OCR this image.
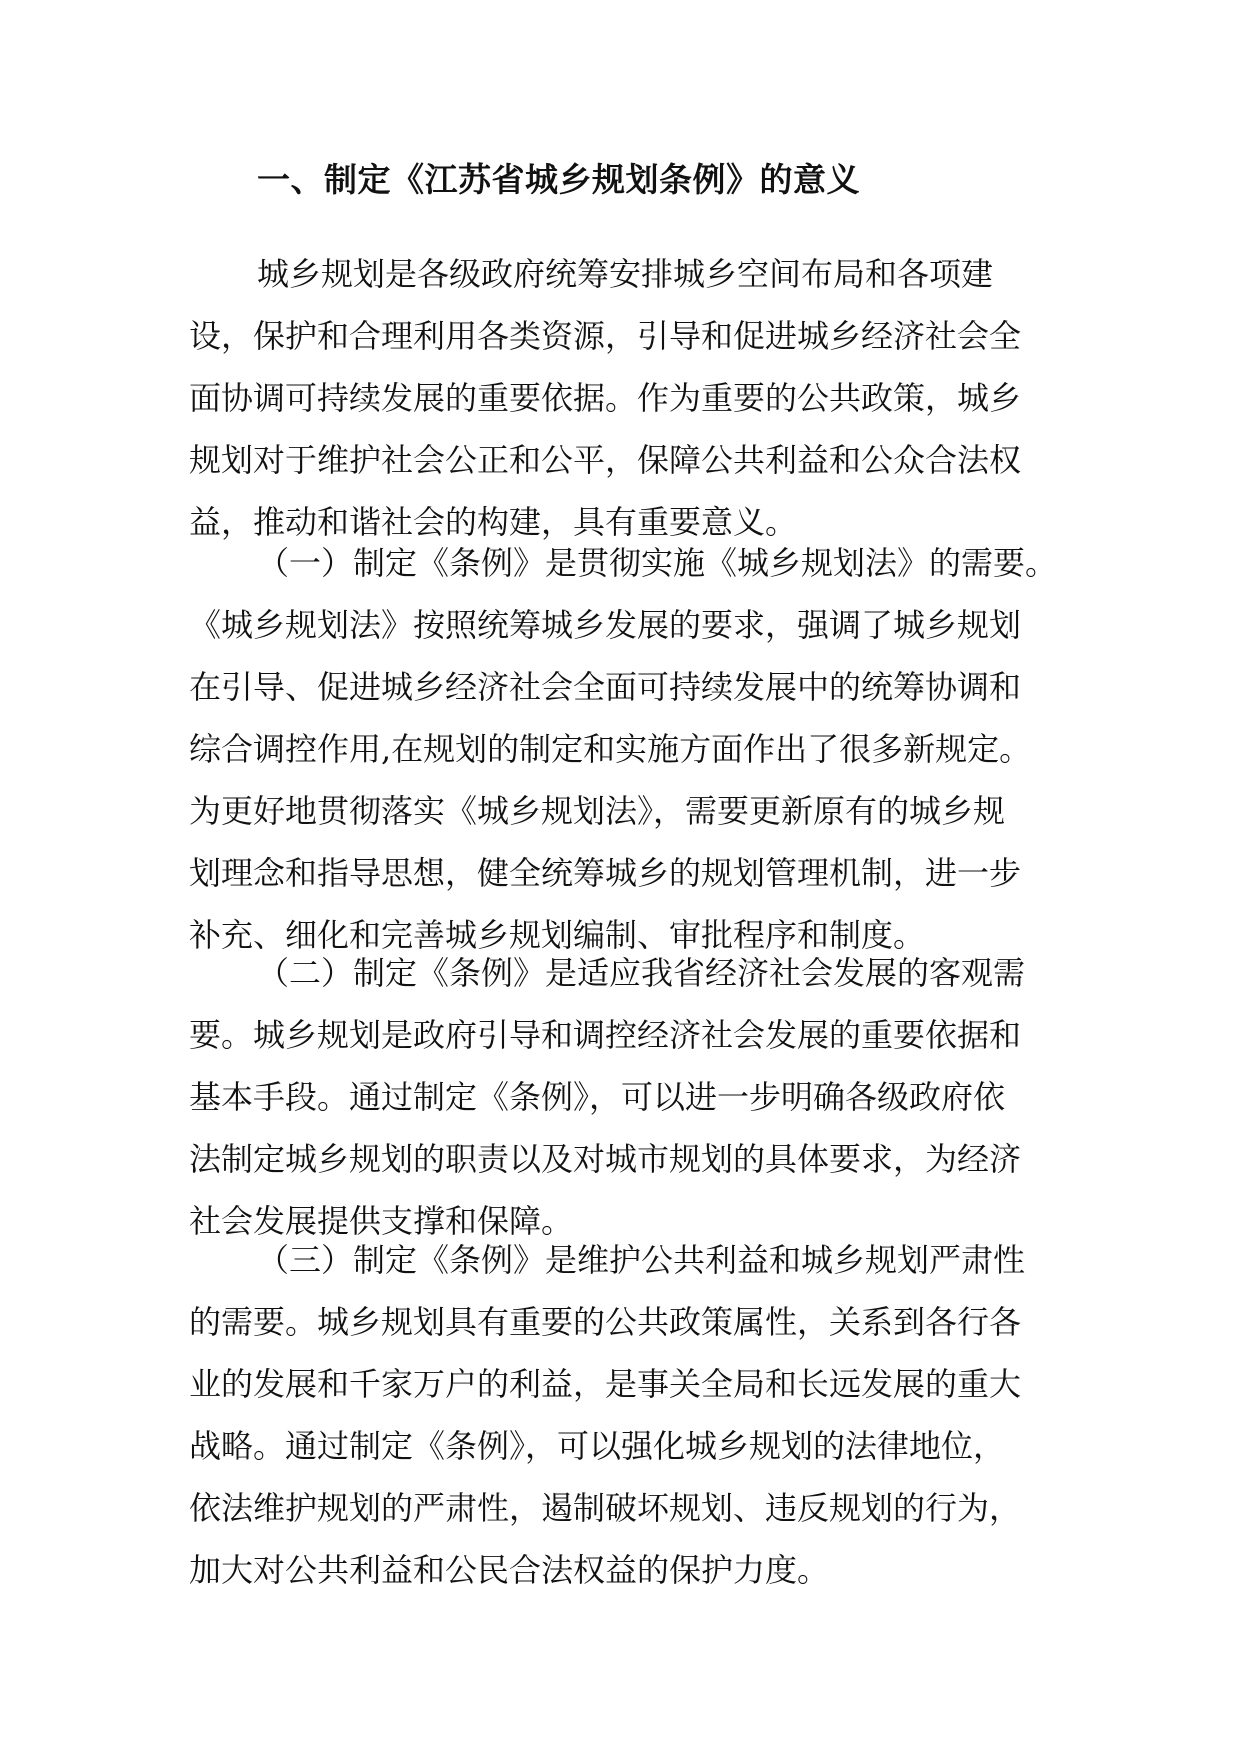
一、制定《江苏省城乡规划条例》的意义
城乡规划是各级政府统筹安排城乡空间布局和各项建
设，保护和合理利用各类资源，引导和促进城乡经济社会全
面协调可持续发展的重要依据。作为重要的公共政策，城乡
规划对于维护社会公正和公平，保障公共利益和公众合法权
益，推动和谐社会的构建，具有重要意义。
（一）制定《条例》是贯彻实施《城乡规划法》的需要。
《城乡规划法》按照统筹城乡发展的要求，强调了城乡规划
在引导、促进城乡经济社会全面可持续发展中的统筹协调和
综合调控作用,在规划的制定和实施方面作出了很多新规定。
为更好地贯彻落实《城乡规划法》，需要更新原有的城乡规
划理念和指导思想，健全统筹城乡的规划管理机制，进一步
补充、细化和完善城乡规划编制、审批程序和制度。
（二）制定《条例》是适应我省经济社会发展的客观需
要。城乡规划是政府引导和调控经济社会发展的重要依据和
基本手段。通过制定《条例》，可以进一步明确各级政府依
法制定城乡规划的职责以及对城市规划的具体要求，为经济
社会发展提供支撑和保障。
（三）制定《条例》是维护公共利益和城乡规划严肃性
的需要。城乡规划具有重要的公共政策属性，关系到各行各
业的发展和千家万户的利益，是事关全局和长远发展的重大
战略。通过制定《条例》，可以强化城乡规划的法律地位，
依法维护规划的严肃性，遏制破坏规划、违反规划的行为，
加大对公共利益和公民合法权益的保护力度。
